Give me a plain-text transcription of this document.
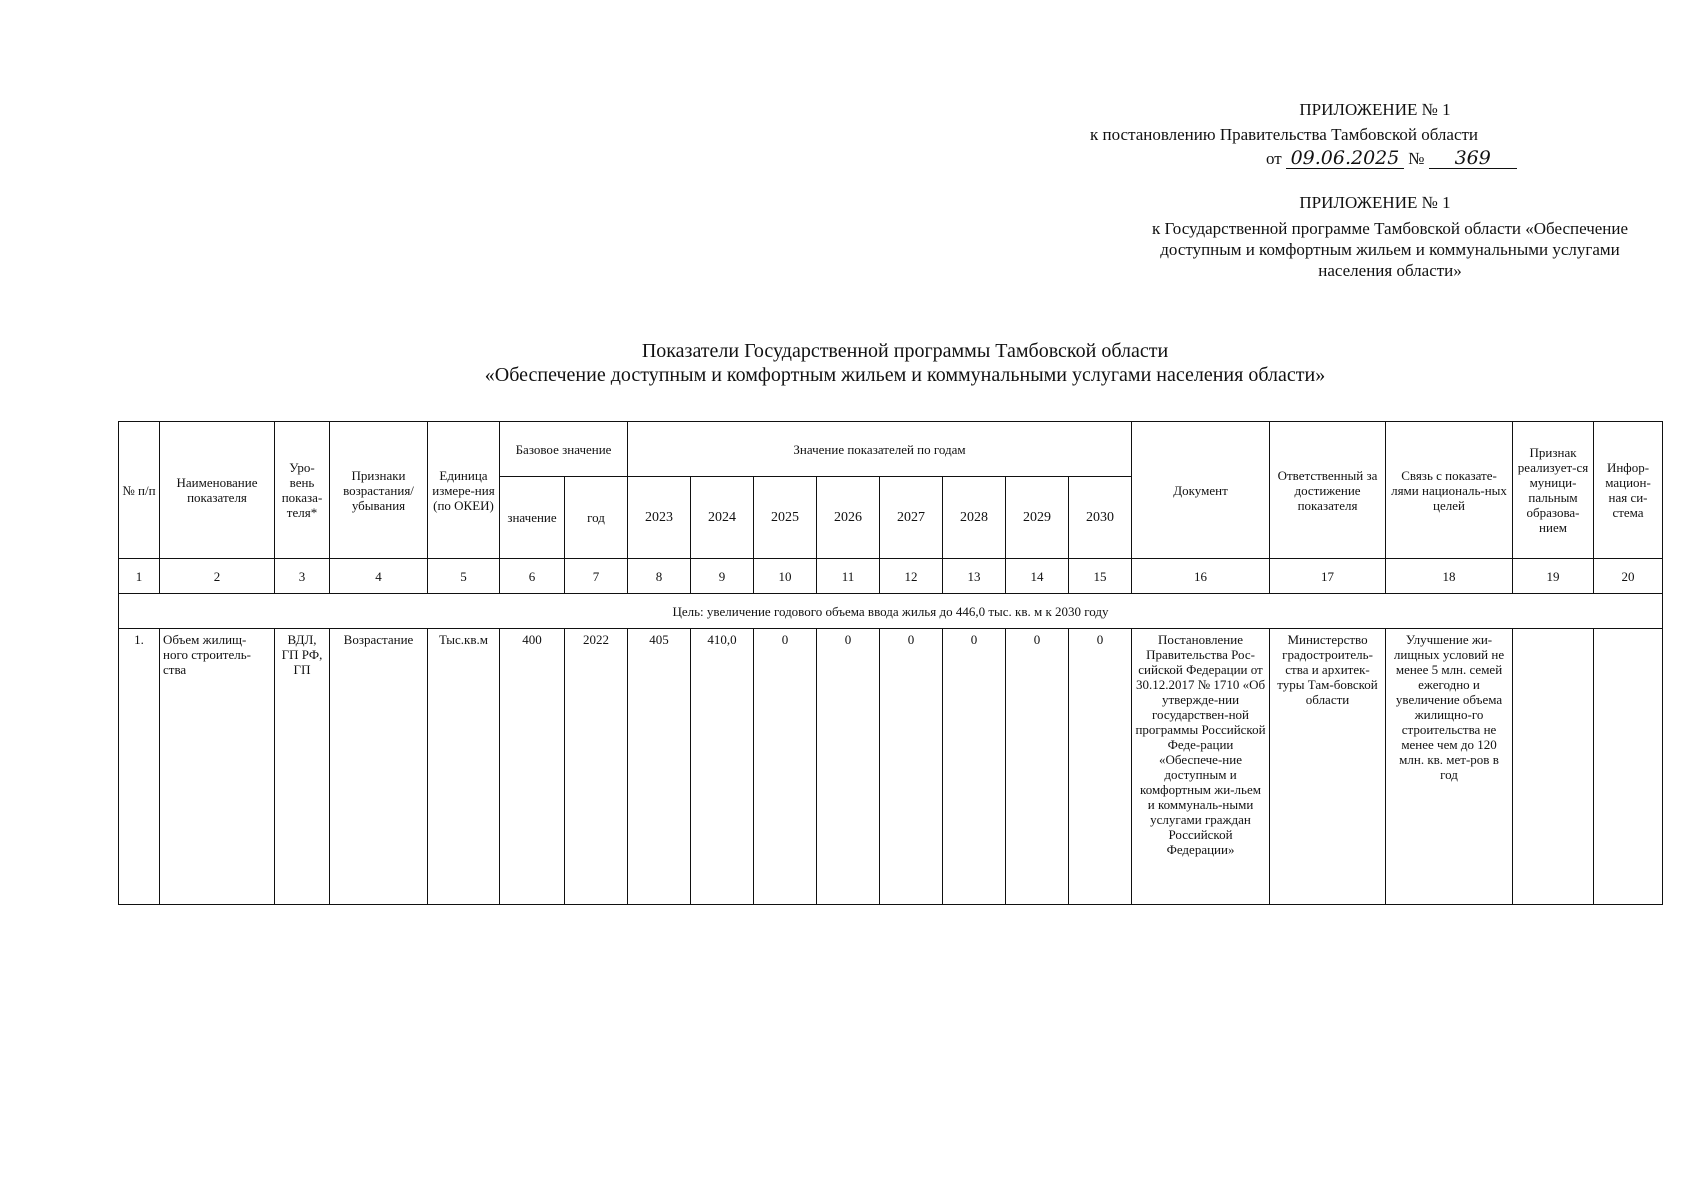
ПРИЛОЖЕНИЕ № 1
к постановлению Правительства Тамбовской области
от 09.06.2025 № 369
ПРИЛОЖЕНИЕ № 1
к Государственной программе Тамбовской области «Обеспечение доступным и комфортным жильем и коммунальными услугами населения области»
Показатели Государственной программы Тамбовской области
«Обеспечение доступным и комфортным жильем и коммунальными услугами населения области»
№ п/п	Наименование показателя	Уро-вень показа-теля*	Признаки возрастания/ убывания	Единица измере-ния (по ОКЕИ)	Базовое значение		Значение показателей по годам								Документ	Ответственный за достижение показателя	Связь с показате-лями националь-ных целей	Признак реализует-ся муници-пальным образова-нием	Инфор-мацион-ная си-стема
					значение	год	2023	2024	2025	2026	2027	2028	2029	2030					
1	2	3	4	5	6	7	8	9	10	11	12	13	14	15	16	17	18	19	20
Цель: увеличение годового объема ввода жилья до 446,0 тыс. кв. м к 2030 году																			
1.	Объем жилищ-ного строитель-ства	ВДЛ, ГП РФ, ГП	Возрастание	Тыс.кв.м	400	2022	405	410,0	0	0	0	0	0	0	Постановление Правительства Рос-сийской Федерации от 30.12.2017 № 1710 «Об утвержде-нии государствен-ной программы Российской Феде-рации «Обеспече-ние доступным и комфортным жи-льем и коммуналь-ными услугами граждан Российской Федерации»	Министерство градостроитель-ства и архитек-туры Там-бовской области	Улучшение жи-лищных условий не менее 5 млн. семей ежегодно и увеличение объема жилищно-го строительства не менее чем до 120 млн. кв. мет-ров в год		
